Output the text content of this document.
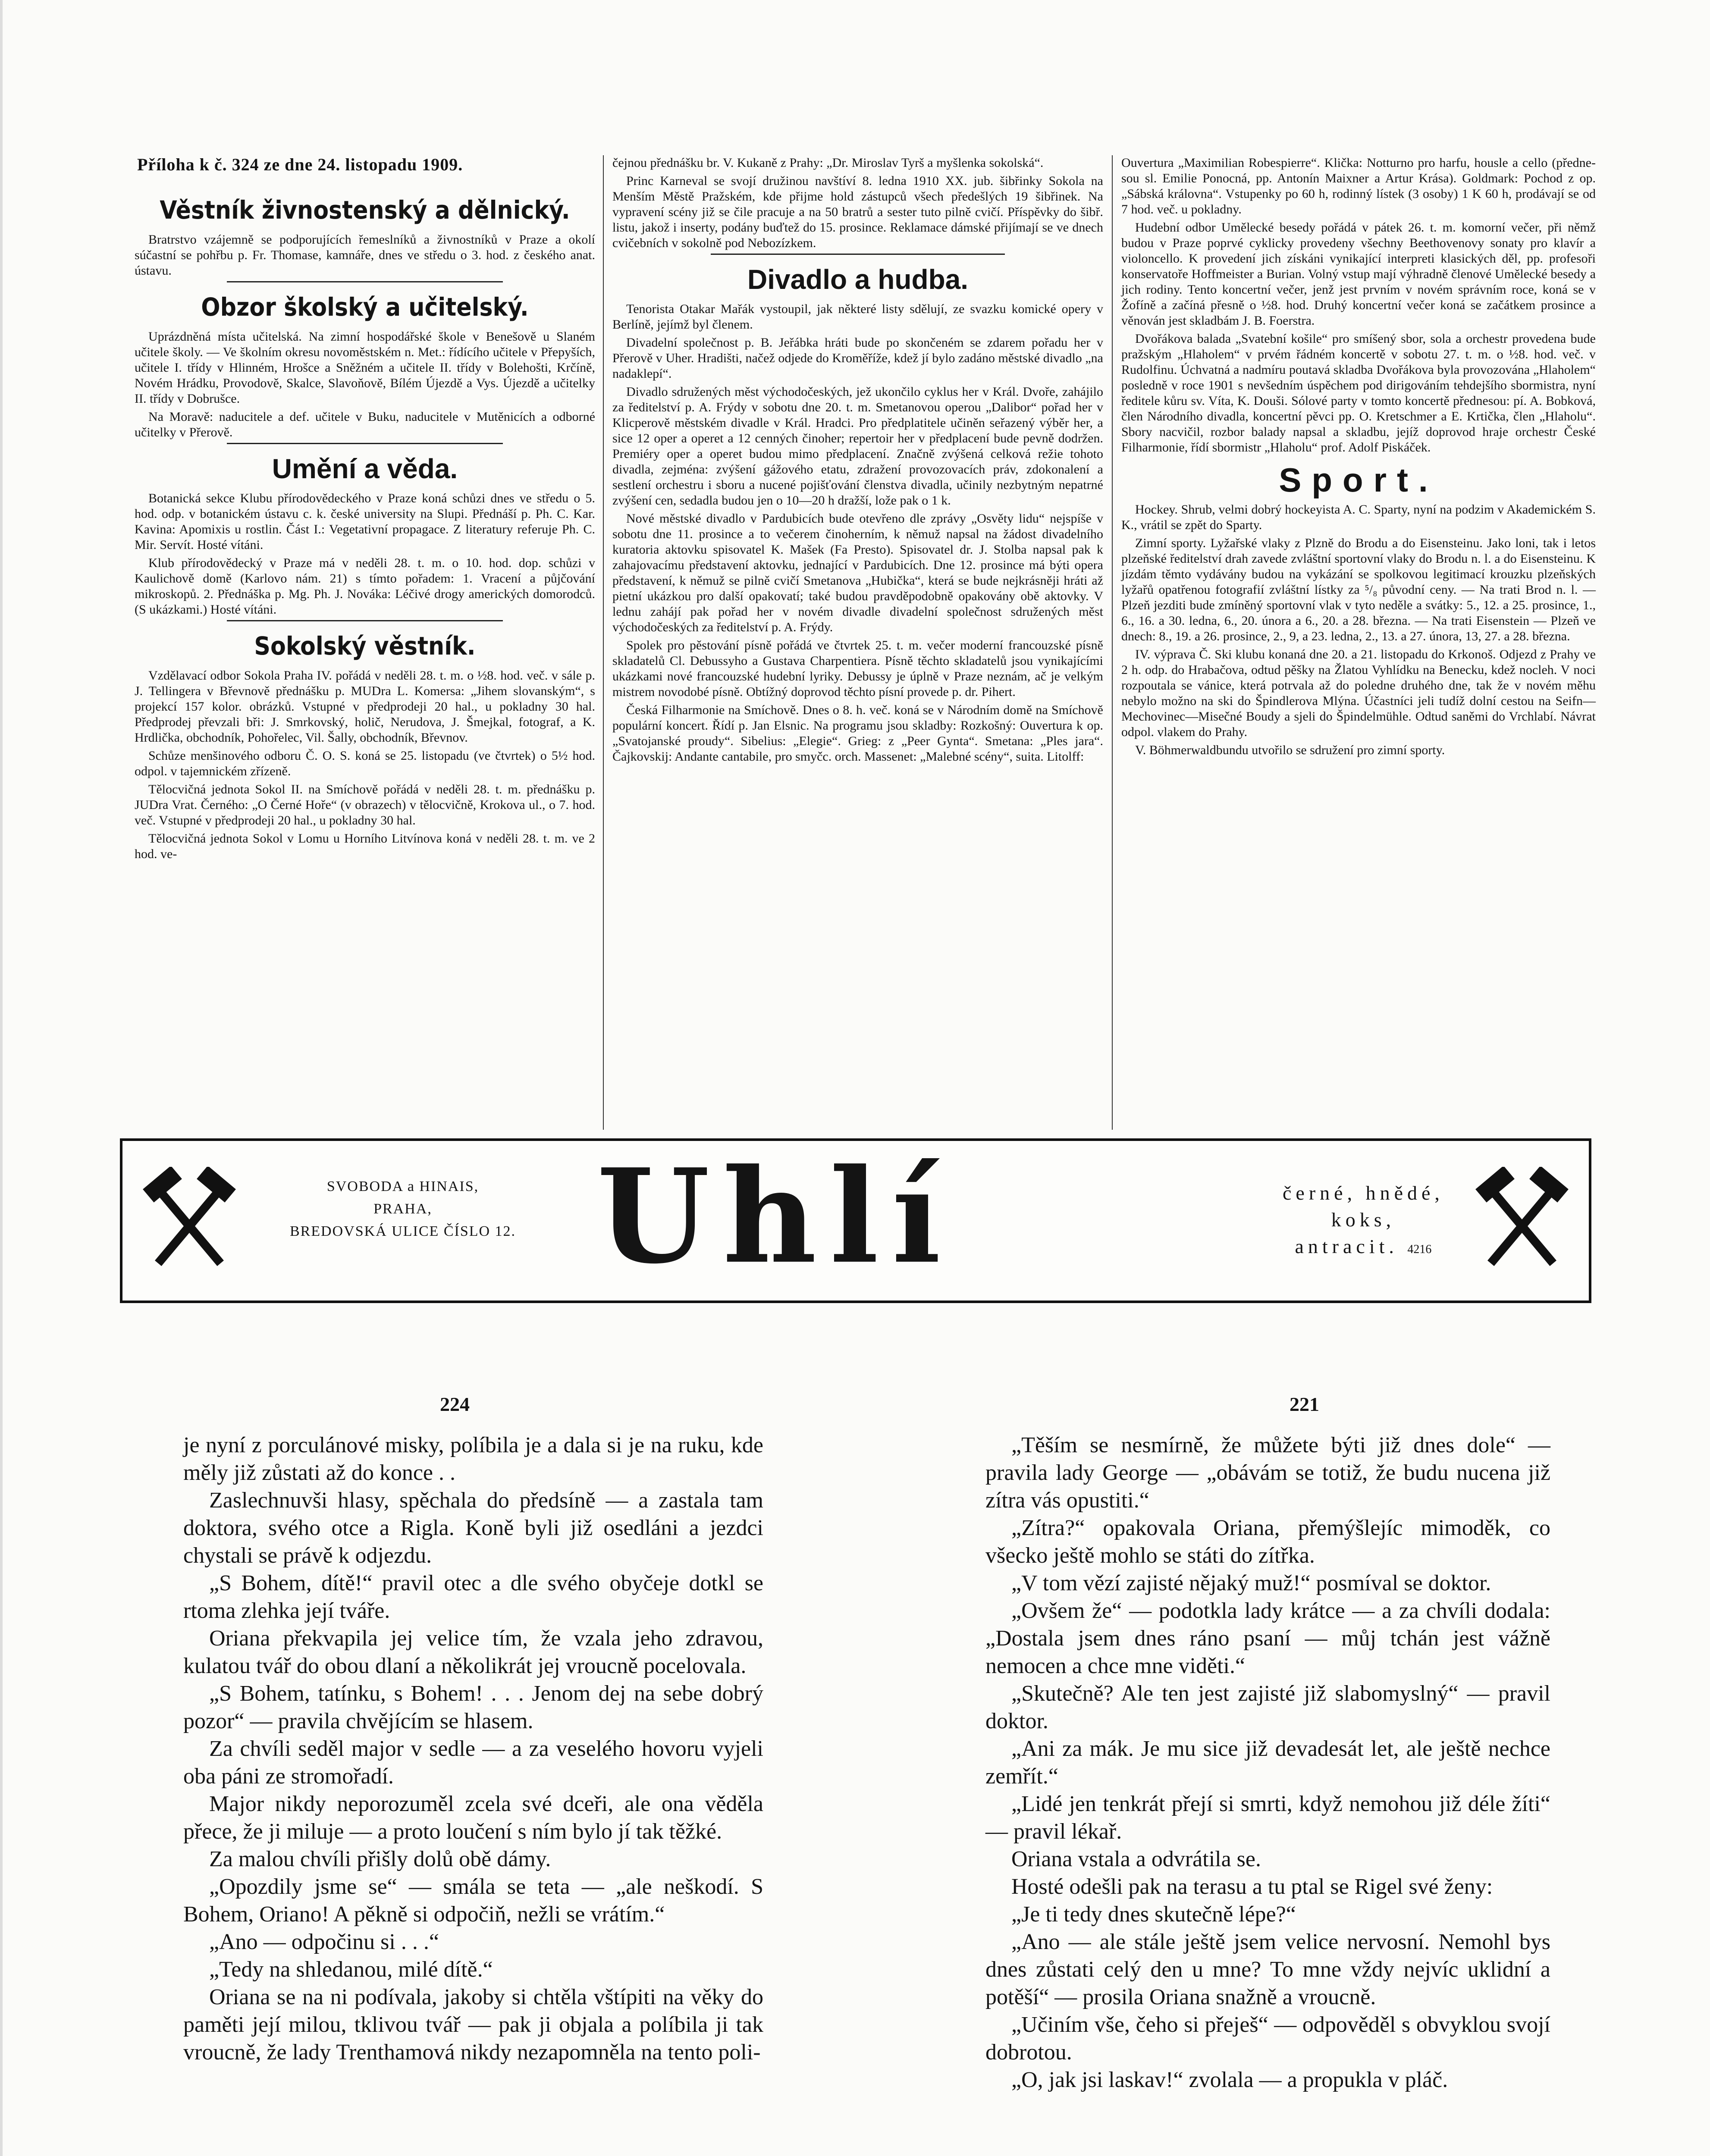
Příloha k č. 324 ze dne 24. listopadu 1909.
Věstník živnostenský a dělnický.

Bratrstvo vzájemně se podporujících řemeslníků a živnostníků v Praze a okolí súčastní se pohřbu p. Fr. Thomase, kamnáře, dnes ve středu o 3. hod. z českého anat. ústavu.

Obzor školský a učitelský.

Uprázdněná místa učitelská. Na zimní hospodářské škole v Benešově u Slaném učitele školy. — Ve školním okresu novoměstském n. Met.: řídícího učitele v Přepyších, učitele I. třídy v Hlinném, Hrošce a Sněžném a učitele II. třídy v Bolehošti, Krčíně, Novém Hrádku, Provodově, Skalce, Slavoňově, Bílém Újezdě a Vys. Újezdě a učitelky II. třídy v Dobrušce.

Na Moravě: naducitele a def. učitele v Buku, naducitele v Mutěnicích a odborné učitelky v Přerově.

Umění a věda.

Botanická sekce Klubu přírodovědeckého v Praze koná schůzi dnes ve středu o 5. hod. odp. v botanickém ústavu c. k. české university na Slupi. Přednáší p. Ph. C. Kar. Kavina: Apomixis u rostlin. Část I.: Vegetativní propagace. Z literatury referuje Ph. C. Mir. Servít. Hosté vítáni.

Klub přírodovědecký v Praze má v neděli 28. t. m. o 10. hod. dop. schůzi v Kaulichově domě (Karlovo nám. 21) s tímto pořadem: 1. Vracení a půjčování mikroskopů. 2. Přednáška p. Mg. Ph. J. Nováka: Léčivé drogy amerických domorodců. (S ukázkami.) Hosté vítáni.

Sokolský věstník.

Vzdělavací odbor Sokola Praha IV. pořádá v neděli 28. t. m. o ½8. hod. več. v sále p. J. Tellingera v Břevnově přednášku p. MUDra L. Komersa: „Jihem slovanským“, s projekcí 157 kolor. obrázků. Vstupné v předprodeji 20 hal., u pokladny 30 hal. Předprodej převzali bři: J. Smrkovský, holič, Nerudova, J. Šmejkal, fotograf, a K. Hrdlička, obchodník, Pohořelec, Vil. Šally, obchodník, Břevnov.

Schůze menšinového odboru Č. O. S. koná se 25. listopadu (ve čtvrtek) o 5½ hod. odpol. v tajemnickém zřízeně.

Tělocvičná jednota Sokol II. na Smíchově pořádá v neděli 28. t. m. přednášku p. JUDra Vrat. Černého: „O Černé Hoře“ (v obrazech) v tělocvičně, Krokova ul., o 7. hod. več. Vstupné v předprodeji 20 hal., u pokladny 30 hal.

Tělocvičná jednota Sokol v Lomu u Horního Litvínova koná v neděli 28. t. m. ve 2 hod. ve-

čejnou přednášku br. V. Kukaně z Prahy: „Dr. Miroslav Tyrš a myšlenka sokolská“.

Princ Karneval se svojí družinou navštíví 8. ledna 1910 XX. jub. šibřinky Sokola na Menším Městě Pražském, kde přijme hold zástupců všech předešlých 19 šibřinek. Na vypravení scény již se čile pracuje a na 50 bratrů a sester tuto pilně cvičí. Příspěvky do šibř. listu, jakož i inserty, podány buďtež do 15. prosince. Reklamace dámské přijímají se ve dnech cvičebních v sokolně pod Nebozízkem.

Divadlo a hudba.

Tenorista Otakar Mařák vystoupil, jak některé listy sdělují, ze svazku komické opery v Berlíně, jejímž byl členem.

Divadelní společnost p. B. Jeřábka hráti bude po skončeném se zdarem pořadu her v Přerově v Uher. Hradišti, načež odjede do Kroměříže, kdež jí bylo zadáno městské divadlo „na nadaklepí“.

Divadlo sdružených měst východočeských, jež ukončilo cyklus her v Král. Dvoře, zahájilo za ředitelství p. A. Frýdy v sobotu dne 20. t. m. Smetanovou operou „Dalibor“ pořad her v Klicperově městském divadle v Král. Hradci. Pro předplatitele učiněn seřazený výběr her, a sice 12 oper a operet a 12 cenných činoher; repertoir her v předplacení bude pevně dodržen. Premiéry oper a operet budou mimo předplacení. Značně zvýšená celková režie tohoto divadla, zejména: zvýšení gážového etatu, zdražení provozovacích práv, zdokonalení a sestlení orchestru i sboru a nucené pojišťování členstva divadla, učinily nezbytným nepatrné zvýšení cen, sedadla budou jen o 10—20 h dražší, lože pak o 1 k.

Nové městské divadlo v Pardubicích bude otevřeno dle zprávy „Osvěty lidu“ nejspíše v sobotu dne 11. prosince a to večerem činoherním, k němuž napsal na žádost divadelního kuratoria aktovku spisovatel K. Mašek (Fa Presto). Spisovatel dr. J. Stolba napsal pak k zahajovacímu představení aktovku, jednající v Pardubicích. Dne 12. prosince má býti opera představení, k němuž se pilně cvičí Smetanova „Hubička“, která se bude nejkrásněji hráti až pietní ukázkou pro další opakovatí; také budou pravděpodobně opakovány obě aktovky. V lednu zahájí pak pořad her v novém divadle divadelní společnost sdružených měst východočeských za ředitelství p. A. Frýdy.

Spolek pro pěstování písně pořádá ve čtvrtek 25. t. m. večer moderní francouzské písně skladatelů Cl. Debussyho a Gustava Charpentiera. Písně těchto skladatelů jsou vynikajícími ukázkami nové francouzské hudební lyriky. Debussy je úplně v Praze neznám, ač je velkým mistrem novodobé písně. Obtížný doprovod těchto písní provede p. dr. Pihert.

Česká Filharmonie na Smíchově. Dnes o 8. h. več. koná se v Národním domě na Smíchově populární koncert. Řídí p. Jan Elsnic. Na programu jsou skladby: Rozkošný: Ouvertura k op. „Svatojanské proudy“. Sibelius: „Elegie“. Grieg: z „Peer Gynta“. Smetana: „Ples jara“. Čajkovskij: Andante cantabile, pro smyčc. orch. Massenet: „Malebné scény“, suita. Litolff:

Ouvertura „Maximilian Robespierre“. Klička: Notturno pro harfu, housle a cello (přednesou sl. Emilie Ponocná, pp. Antonín Maixner a Artur Krása). Goldmark: Pochod z op. „Sábská královna“. Vstupenky po 60 h, rodinný lístek (3 osoby) 1 K 60 h, prodávají se od 7 hod. več. u pokladny.

Hudební odbor Umělecké besedy pořádá v pátek 26. t. m. komorní večer, při němž budou v Praze poprvé cyklicky provedeny všechny Beethovenovy sonaty pro klavír a violoncello. K provedení jich získáni vynikající interpreti klasických děl, pp. profesoři konservatoře Hoffmeister a Burian. Volný vstup mají výhradně členové Umělecké besedy a jich rodiny. Tento koncertní večer, jenž jest prvním v novém správním roce, koná se v Žofíně a začíná přesně o ½8. hod. Druhý koncertní večer koná se začátkem prosince a věnován jest skladbám J. B. Foerstra.

Dvořákova balada „Svatební košile“ pro smíšený sbor, sola a orchestr provedena bude pražským „Hlaholem“ v prvém řádném koncertě v sobotu 27. t. m. o ½8. hod. več. v Rudolfinu. Úchvatná a nadmíru poutavá skladba Dvořákova byla provozována „Hlaholem“ posledně v roce 1901 s nevšedním úspěchem pod dirigováním tehdejšího sbormistra, nyní ředitele kůru sv. Víta, K. Douši. Sólové party v tomto koncertě přednesou: pí. A. Bobková, člen Národního divadla, koncertní pěvci pp. O. Kretschmer a E. Krtička, člen „Hlaholu“. Sbory nacvičil, rozbor balady napsal a skladbu, jejíž doprovod hraje orchestr České Filharmonie, řídí sbormistr „Hlaholu“ prof. Adolf Piskáček.

Sport.

Hockey. Shrub, velmi dobrý hockeyista A. C. Sparty, nyní na podzim v Akademickém S. K., vrátil se zpět do Sparty.

Zimní sporty. Lyžařské vlaky z Plzně do Brodu a do Eisensteinu. Jako loni, tak i letos plzeňské ředitelství drah zavede zvláštní sportovní vlaky do Brodu n. l. a do Eisensteinu. K jízdám těmto vydávány budou na vykázání se spolkovou legitimací krouzku plzeňských lyžařů opatřenou fotografií zvláštní lístky za ⁵/₈ původní ceny. — Na trati Brod n. l. — Plzeň jezditi bude zmíněný sportovní vlak v tyto neděle a svátky: 5., 12. a 25. prosince, 1., 6., 16. a 30. ledna, 6., 20. února a 6., 20. a 28. března. — Na trati Eisenstein — Plzeň ve dnech: 8., 19. a 26. prosince, 2., 9, a 23. ledna, 2., 13. a 27. února, 13, 27. a 28. března.

IV. výprava Č. Ski klubu konaná dne 20. a 21. listopadu do Krkonoš. Odjezd z Prahy ve 2 h. odp. do Hrabačova, odtud pěšky na Žlatou Vyhlídku na Benecku, kdež nocleh. V noci rozpoutala se vánice, která potrvala až do poledne druhého dne, tak že v novém měhu nebylo možno na ski do Špindlerova Mlýna. Účastníci jeli tudíž dolní cestou na Seifn—Mechovinec—Misečné Boudy a sjeli do Špindelmühle. Odtud saněmi do Vrchlabí. Návrat odpol. vlakem do Prahy.

V. Böhmerwaldbundu utvořilo se sdružení pro zimní sporty.

SVOBODA a HINAIS,
PRAHA,
BREDOVSKÁ ULICE ČÍSLO 12. Uhlí	černé, hnědé,
koks,
antracit. 4216
224	221

je nyní z porculánové misky, políbila je a dala si je na ruku, kde měly již zůstati až do konce . .

Zaslechnuvši hlasy, spěchala do předsíně — a zastala tam doktora, svého otce a Rigla. Koně byli již osedláni a jezdci chystali se právě k odjezdu.

„S Bohem, dítě!“ pravil otec a dle svého obyčeje dotkl se rtoma zlehka její tváře.

Oriana překvapila jej velice tím, že vzala jeho zdravou, kulatou tvář do obou dlaní a několikrát jej vroucně pocelovala.

„S Bohem, tatínku, s Bohem! . . . Jenom dej na sebe dobrý pozor“ — pravila chvějícím se hlasem.

Za chvíli seděl major v sedle — a za veselého hovoru vyjeli oba páni ze stromořadí.

Major nikdy neporozuměl zcela své dceři, ale ona věděla přece, že ji miluje — a proto loučení s ním bylo jí tak těžké.

Za malou chvíli přišly dolů obě dámy.

„Opozdily jsme se“ — smála se teta — „ale neškodí. S Bohem, Oriano! A pěkně si odpočiň, nežli se vrátím.“

„Ano — odpočinu si . . .“

„Tedy na shledanou, milé dítě.“

Oriana se na ni podívala, jakoby si chtěla vštípiti na věky do paměti její milou, tklivou tvář — pak ji objala a políbila ji tak vroucně, že lady Trenthamová nikdy nezapomněla na tento poli-

„Těším se nesmírně, že můžete býti již dnes dole“ — pravila lady George — „obávám se totiž, že budu nucena již zítra vás opustiti.“

„Zítra?“ opakovala Oriana, přemýšlejíc mimoděk, co všecko ještě mohlo se státi do zítřka.

„V tom vězí zajisté nějaký muž!“ posmíval se doktor.

„Ovšem že“ — podotkla lady krátce — a za chvíli dodala: „Dostala jsem dnes ráno psaní — můj tchán jest vážně nemocen a chce mne viděti.“

„Skutečně? Ale ten jest zajisté již slabomyslný“ — pravil doktor.

„Ani za mák. Je mu sice již devadesát let, ale ještě nechce zemřít.“

„Lidé jen tenkrát přejí si smrti, když nemohou již déle žíti“ — pravil lékař.

Oriana vstala a odvrátila se.

Hosté odešli pak na terasu a tu ptal se Rigel své ženy:

„Je ti tedy dnes skutečně lépe?“

„Ano — ale stále ještě jsem velice nervosní. Nemohl bys dnes zůstati celý den u mne? To mne vždy nejvíc uklidní a potěší“ — prosila Oriana snažně a vroucně.

„Učiním vše, čeho si přeješ“ — odpověděl s obvyklou svojí dobrotou.

„O, jak jsi laskav!“ zvolala — a propukla v pláč.
